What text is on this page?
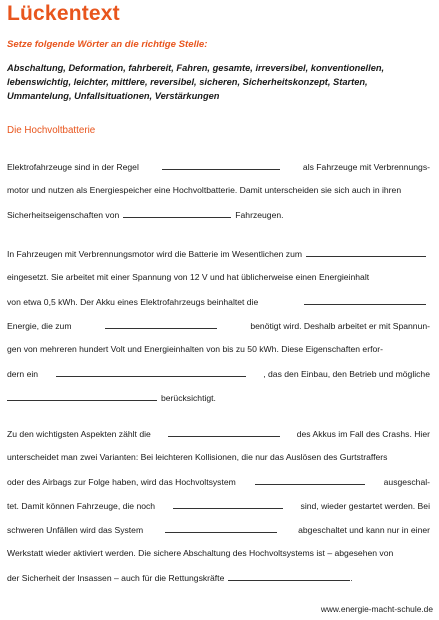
Lückentext
Setze folgende Wörter an die richtige Stelle:
Abschaltung, Deformation, fahrbereit, Fahren, gesamte, irreversibel, konventionellen, lebenswichtig, leichter, mittlere, reversibel, sicheren, Sicherheitskonzept, Starten, Ummantelung, Unfallsituationen, Verstärkungen
Die Hochvoltbatterie
Elektrofahrzeuge sind in der Regel	als Fahrzeuge mit Verbrennungs-
motor und nutzen als Energiespeicher eine Hochvoltbatterie. Damit unterscheiden sie sich auch in ihren
Sicherheitseigenschaften von	Fahrzeugen.
In Fahrzeugen mit Verbrennungsmotor wird die Batterie im Wesentlichen zum
eingesetzt. Sie arbeitet mit einer Spannung von 12 V und hat üblicherweise einen Energieinhalt
von etwa 0,5 kWh. Der Akku eines Elektrofahrzeugs beinhaltet die
Energie, die zum	benötigt wird. Deshalb arbeitet er mit Spannun-
gen von mehreren hundert Volt und Energieinhalten von bis zu 50 kWh. Diese Eigenschaften erfor-
dern ein	, das den Einbau, den Betrieb und mögliche
berücksichtigt.
Zu den wichtigsten Aspekten zählt die	des Akkus im Fall des Crashs. Hier
unterscheidet man zwei Varianten: Bei leichteren Kollisionen, die nur das Auslösen des Gurtstraffers
oder des Airbags zur Folge haben, wird das Hochvoltsystem	ausgeschal-
tet. Damit können Fahrzeuge, die noch	sind, wieder gestartet werden. Bei
schweren Unfällen wird das System	abgeschaltet und kann nur in einer
Werkstatt wieder aktiviert werden. Die sichere Abschaltung des Hochvoltsystems ist – abgesehen von
der Sicherheit der Insassen – auch für die Rettungskräfte	.
www.energie-macht-schule.de
